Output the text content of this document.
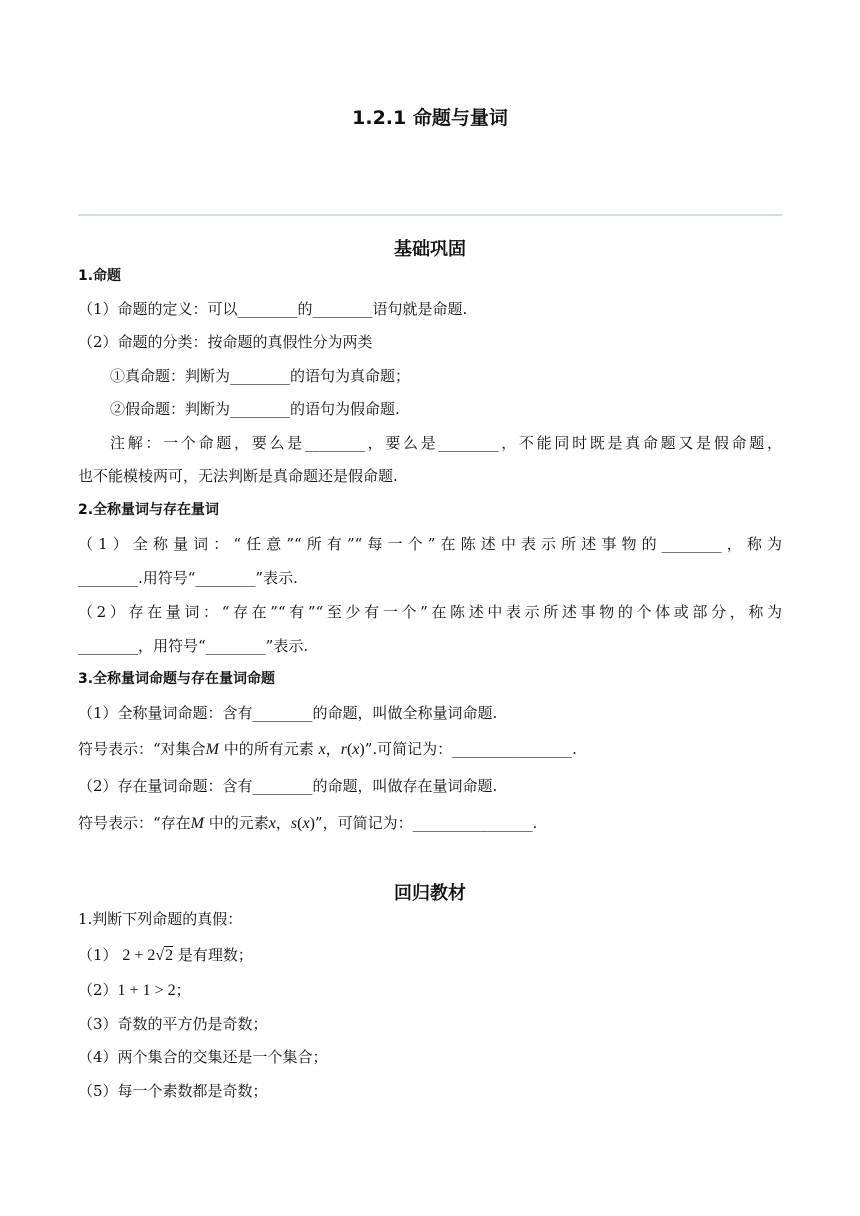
1.2.1 命题与量词
基础巩固
1.命题
（1）命题的定义：可以________的________语句就是命题.
（2）命题的分类：按命题的真假性分为两类
①真命题：判断为________的语句为真命题；
②假命题：判断为________的语句为假命题.
注解：一个命题，要么是________，要么是________，不能同时既是真命题又是假命题，
也不能模棱两可，无法判断是真命题还是假命题.
2.全称量词与存在量词
（1）全称量词：“任意”“所有”“每一个”在陈述中表示所述事物的________，称为
________.用符号“________”表示.
（2）存在量词：“存在”“有”“至少有一个”在陈述中表示所述事物的个体或部分，称为
________，用符号“________”表示.
3.全称量词命题与存在量词命题
（1）全称量词命题：含有________的命题，叫做全称量词命题.
符号表示：“对集合M 中的所有元素 x，r(x)”.可简记为：________________.
（2）存在量词命题：含有________的命题，叫做存在量词命题.
符号表示：“存在M 中的元素x，s(x)”，可简记为：________________.
回归教材
1.判断下列命题的真假：
（1） 2 + 2√2 是有理数；
（2）1 + 1 > 2；
（3）奇数的平方仍是奇数；
（4）两个集合的交集还是一个集合；
（5）每一个素数都是奇数；
